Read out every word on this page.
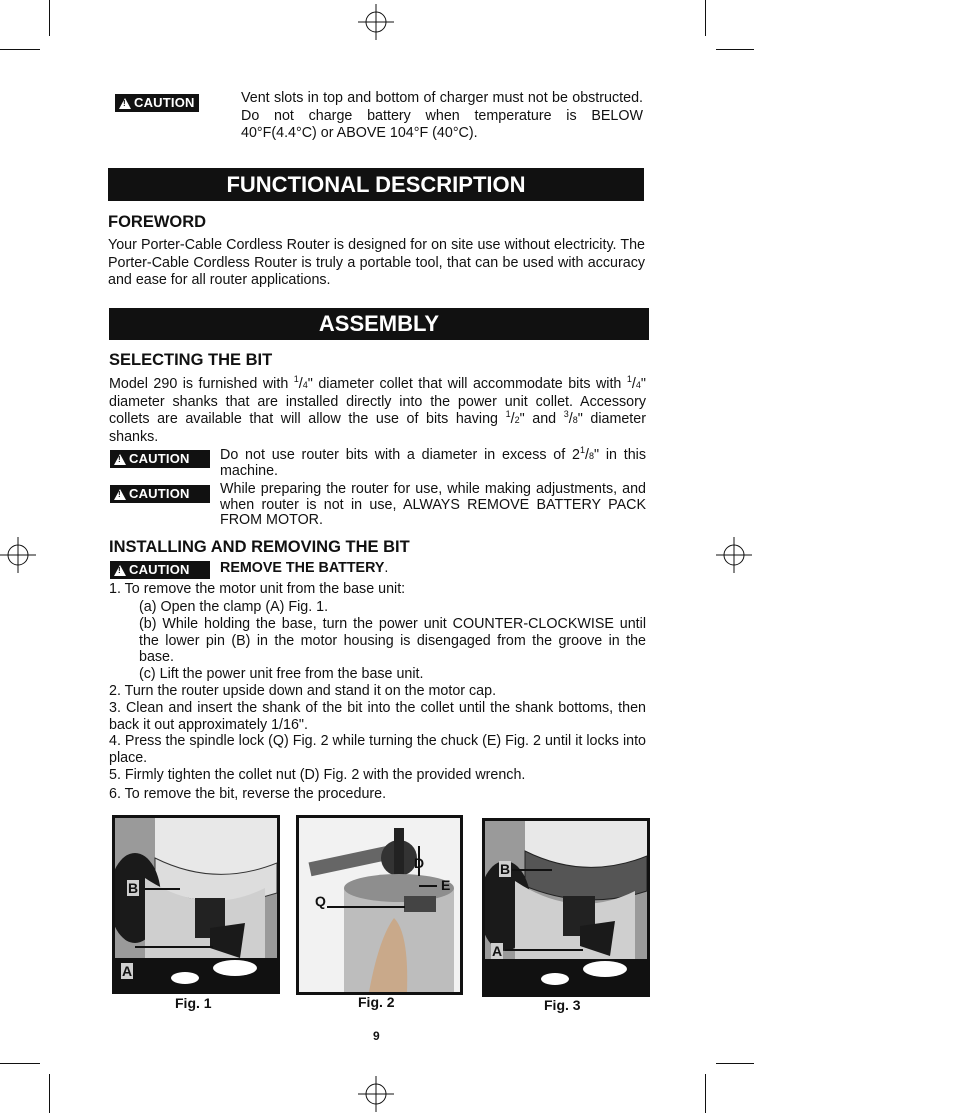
!
CAUTION	Vent slots in top and bottom of charger must not be obstructed. Do not charge battery when temperature is BELOW 40°F(4.4°C) or ABOVE 104°F (40°C).
FUNCTIONAL DESCRIPTION
FOREWORD
Your Porter-Cable Cordless Router is designed for on site use without electricity. The Porter-Cable Cordless Router is truly a portable tool, that can be used with accuracy and ease for all router applications.
ASSEMBLY
SELECTING THE BIT
Model 290 is furnished with $^1$/4" diameter collet that will accommodate bits with $^1$/4" diameter shanks that are installed directly into the power unit collet. Accessory collets are available that will allow the use of bits having $^1$/2" and $^3$/8" diameter shanks.
!
CAUTION Do not use router bits with a diameter in excess of $2^1/8$" in this machine.
!
CAUTION While preparing the router for use, while making adjustments, and when router is not in use, ALWAYS REMOVE BATTERY PACK FROM MOTOR.
INSTALLING AND REMOVING THE BIT
!
CAUTION REMOVE THE BATTERY.
1. To remove the motor unit from the base unit:
(a) Open the clamp (A) Fig. 1.
(b) While holding the base, turn the power unit COUNTER-CLOCKWISE until the lower pin (B) in the motor housing is disengaged from the groove in the base.
(c) Lift the power unit free from the base unit.
2. Turn the router upside down and stand it on the motor cap.
3. Clean and insert the shank of the bit into the collet until the shank bottoms, then back it out approximately 1/16".
4. Press the spindle lock (Q) Fig. 2 while turning the chuck (E) Fig. 2 until it locks into place.
5. Firmly tighten the collet nut (D) Fig. 2 with the provided wrench.
6. To remove the bit, reverse the procedure.
B
A
Fig. 1
D
E
Q
Fig. 2
B
A
Fig. 3
9
